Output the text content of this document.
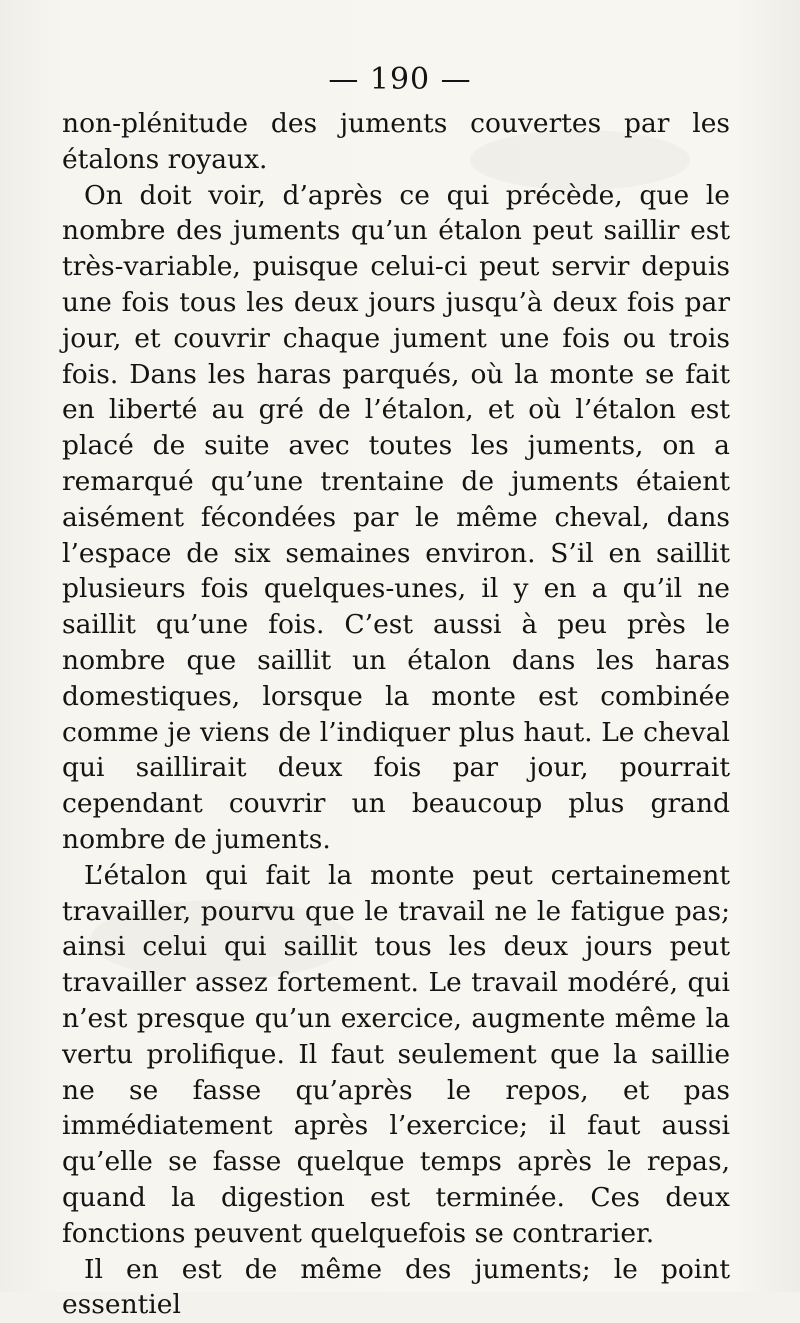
— 190 —

non-plénitude des juments couvertes par les étalons royaux.

On doit voir, d’après ce qui précède, que le nombre des juments qu’un étalon peut saillir est très-variable, puisque celui-ci peut servir depuis une fois tous les deux jours jusqu’à deux fois par jour, et couvrir chaque jument une fois ou trois fois. Dans les haras parqués, où la monte se fait en liberté au gré de l’étalon, et où l’étalon est placé de suite avec toutes les juments, on a remarqué qu’une trentaine de juments étaient aisément fécondées par le même cheval, dans l’espace de six semaines environ. S’il en saillit plusieurs fois quelques-unes, il y en a qu’il ne saillit qu’une fois. C’est aussi à peu près le nombre que saillit un étalon dans les haras domestiques, lorsque la monte est combinée comme je viens de l’indiquer plus haut. Le cheval qui saillirait deux fois par jour, pourrait cependant couvrir un beaucoup plus grand nombre de juments.

L’étalon qui fait la monte peut certainement travailler, pourvu que le travail ne le fatigue pas; ainsi celui qui saillit tous les deux jours peut travailler assez fortement. Le travail modéré, qui n’est presque qu’un exercice, augmente même la vertu prolifique. Il faut seulement que la saillie ne se fasse qu’après le repos, et pas immédiatement après l’exercice; il faut aussi qu’elle se fasse quelque temps après le repas, quand la digestion est terminée. Ces deux fonctions peuvent quelquefois se contrarier.

Il en est de même des juments; le point essentiel
